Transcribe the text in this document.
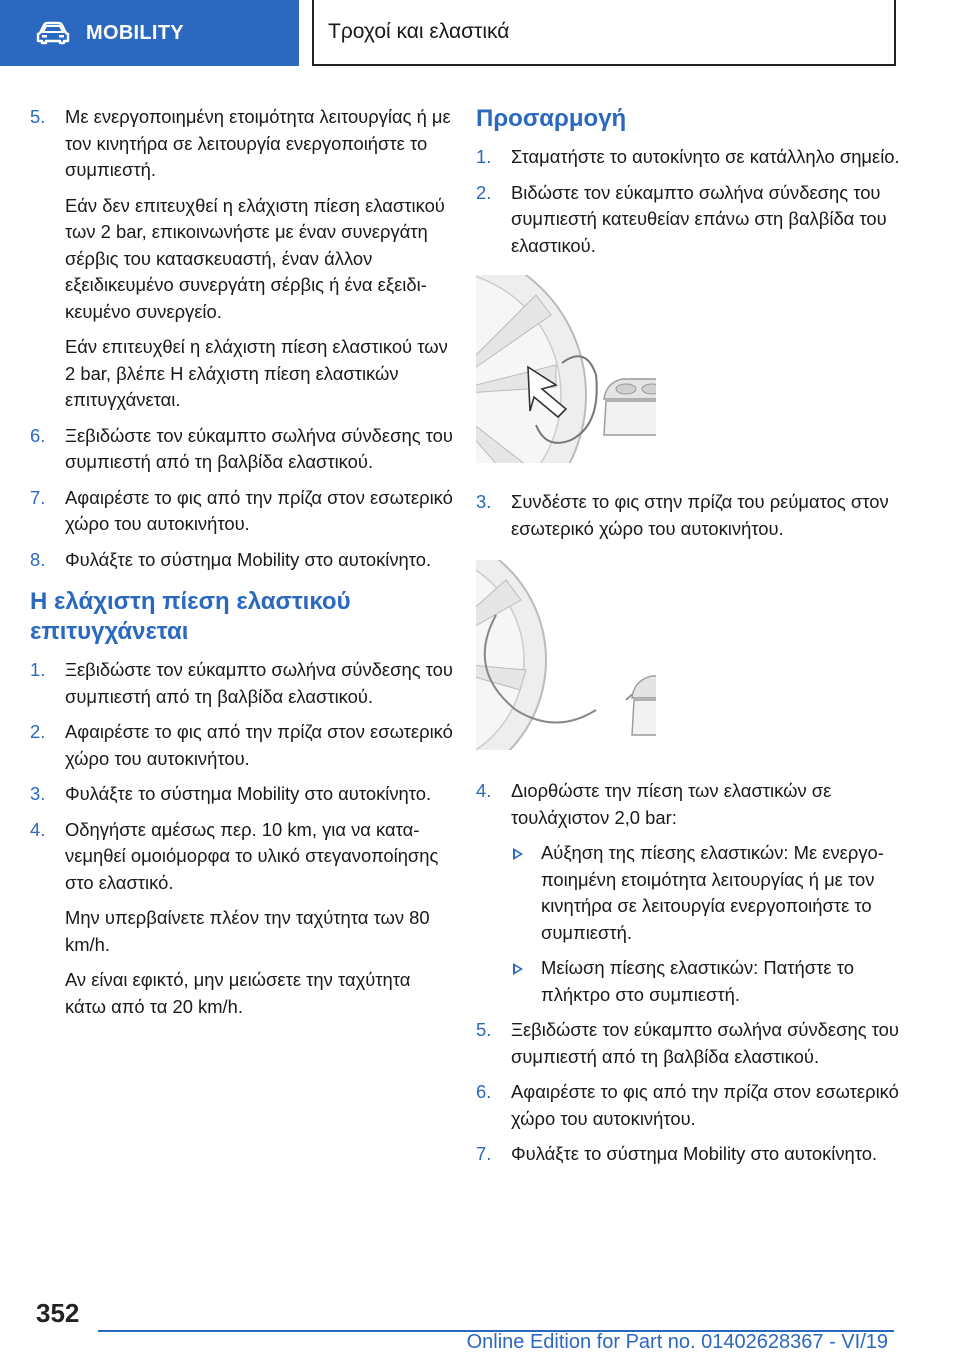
MOBILITY	Τροχοί και ελαστικά
5. Με ενεργοποιημένη ετοιμότητα λειτουργίας ή με τον κινητήρα σε λειτουργία ενεργοποιήστε το συμπιεστή.

Εάν δεν επιτευχθεί η ελάχιστη πίεση ελαστικού των 2 bar, επικοινωνήστε με έναν συνεργάτη σέρβις του κατασκευαστή, έναν άλλον εξειδικευμένο συνεργάτη σέρβις ή ένα εξειδικευμένο συνεργείο.

Εάν επιτευχθεί η ελάχιστη πίεση ελαστικού των 2 bar, βλέπε Η ελάχιστη πίεση ελαστικών επιτυγχάνεται.

6. Ξεβιδώστε τον εύκαμπτο σωλήνα σύνδεσης του συμπιεστή από τη βαλβίδα ελαστικού.

7. Αφαιρέστε το φις από την πρίζα στον εσωτερικό χώρο του αυτοκινήτου.

8. Φυλάξτε το σύστημα Mobility στο αυτοκίνητο.

Η ελάχιστη πίεση ελαστικού επιτυγχάνεται
1. Ξεβιδώστε τον εύκαμπτο σωλήνα σύνδεσης του συμπιεστή από τη βαλβίδα ελαστικού.

2. Αφαιρέστε το φις από την πρίζα στον εσωτερικό χώρο του αυτοκινήτου.

3. Φυλάξτε το σύστημα Mobility στο αυτοκίνητο.

4. Οδηγήστε αμέσως περ. 10 km, για να κατανεμηθεί ομοιόμορφα το υλικό στεγανοποίησης στο ελαστικό.

Μην υπερβαίνετε πλέον την ταχύτητα των 80 km/h.

Αν είναι εφικτό, μην μειώσετε την ταχύτητα κάτω από τα 20 km/h.

Προσαρμογή
1. Σταματήστε το αυτοκίνητο σε κατάλληλο σημείο.

2. Βιδώστε τον εύκαμπτο σωλήνα σύνδεσης του συμπιεστή κατευθείαν επάνω στη βαλβίδα του ελαστικού.

3. Συνδέστε το φις στην πρίζα του ρεύματος στον εσωτερικό χώρο του αυτοκινήτου.

4. Διορθώστε την πίεση των ελαστικών σε τουλάχιστον 2,0 bar:

Αύξηση της πίεσης ελαστικών: Με ενεργοποιημένη ετοιμότητα λειτουργίας ή με τον κινητήρα σε λειτουργία ενεργοποιήστε το συμπιεστή.

Μείωση πίεσης ελαστικών: Πατήστε το πλήκτρο στο συμπιεστή.

5. Ξεβιδώστε τον εύκαμπτο σωλήνα σύνδεσης του συμπιεστή από τη βαλβίδα ελαστικού.

6. Αφαιρέστε το φις από την πρίζα στον εσωτερικό χώρο του αυτοκινήτου.

7. Φυλάξτε το σύστημα Mobility στο αυτοκίνητο.

352
Online Edition for Part no. 01402628367 - VI/19
